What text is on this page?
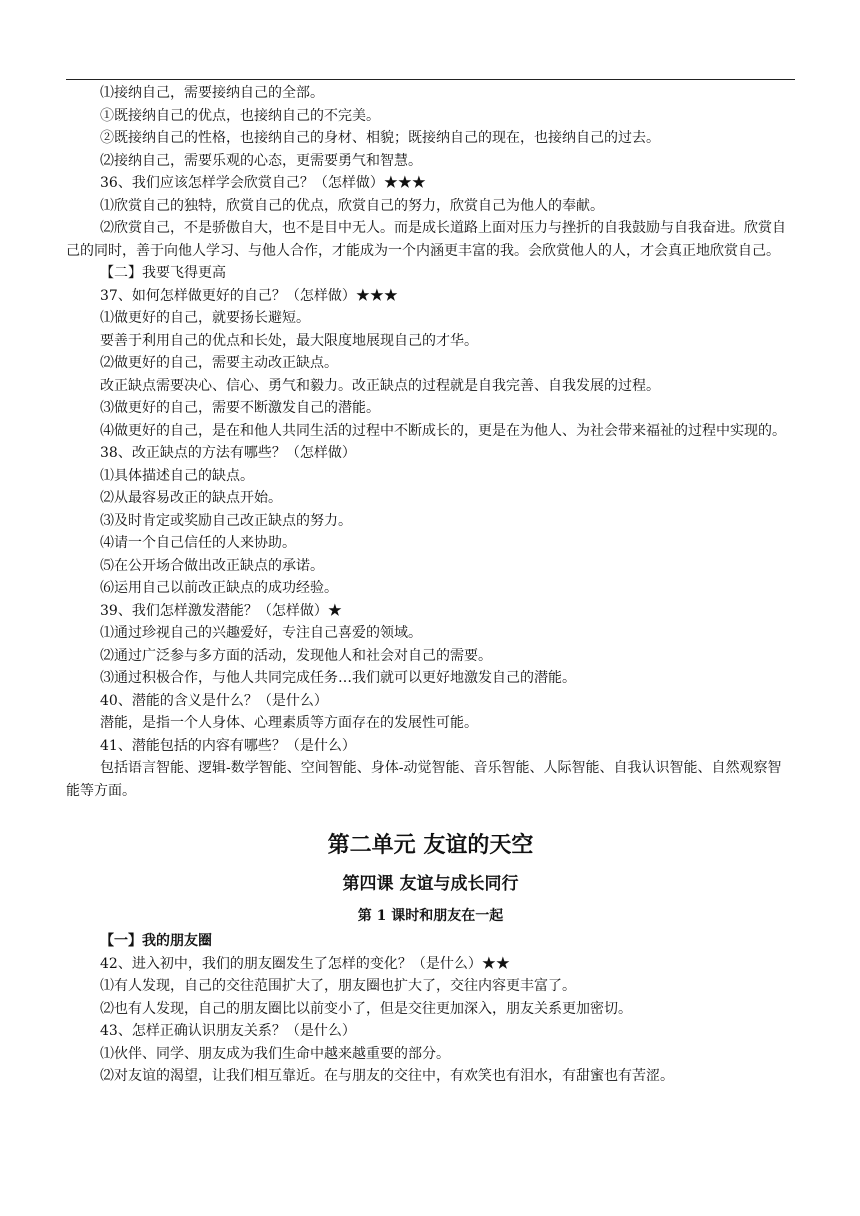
⑴接纳自己，需要接纳自己的全部。
①既接纳自己的优点，也接纳自己的不完美。
②既接纳自己的性格，也接纳自己的身材、相貌；既接纳自己的现在，也接纳自己的过去。
⑵接纳自己，需要乐观的心态，更需要勇气和智慧。
36、我们应该怎样学会欣赏自己？（怎样做）★★★
⑴欣赏自己的独特，欣赏自己的优点，欣赏自己的努力，欣赏自己为他人的奉献。
⑵欣赏自己，不是骄傲自大，也不是目中无人。而是成长道路上面对压力与挫折的自我鼓励与自我奋进。欣赏自己的同时，善于向他人学习、与他人合作，才能成为一个内涵更丰富的我。会欣赏他人的人，才会真正地欣赏自己。
【二】我要飞得更高
37、如何怎样做更好的自己？（怎样做）★★★
⑴做更好的自己，就要扬长避短。
要善于利用自己的优点和长处，最大限度地展现自己的才华。
⑵做更好的自己，需要主动改正缺点。
改正缺点需要决心、信心、勇气和毅力。改正缺点的过程就是自我完善、自我发展的过程。
⑶做更好的自己，需要不断激发自己的潜能。
⑷做更好的自己，是在和他人共同生活的过程中不断成长的，更是在为他人、为社会带来福祉的过程中实现的。
38、改正缺点的方法有哪些？（怎样做）
⑴具体描述自己的缺点。
⑵从最容易改正的缺点开始。
⑶及时肯定或奖励自己改正缺点的努力。
⑷请一个自己信任的人来协助。
⑸在公开场合做出改正缺点的承诺。
⑹运用自己以前改正缺点的成功经验。
39、我们怎样激发潜能？（怎样做）★
⑴通过珍视自己的兴趣爱好，专注自己喜爱的领域。
⑵通过广泛参与多方面的活动，发现他人和社会对自己的需要。
⑶通过积极合作，与他人共同完成任务…我们就可以更好地激发自己的潜能。
40、潜能的含义是什么？（是什么）
潜能，是指一个人身体、心理素质等方面存在的发展性可能。
41、潜能包括的内容有哪些？（是什么）
包括语言智能、逻辑-数学智能、空间智能、身体-动觉智能、音乐智能、人际智能、自我认识智能、自然观察智能等方面。
第二单元 友谊的天空
第四课 友谊与成长同行
第 1 课时和朋友在一起
【一】我的朋友圈
42、进入初中，我们的朋友圈发生了怎样的变化？（是什么）★★
⑴有人发现，自己的交往范围扩大了，朋友圈也扩大了，交往内容更丰富了。
⑵也有人发现，自己的朋友圈比以前变小了，但是交往更加深入，朋友关系更加密切。
43、怎样正确认识朋友关系？（是什么）
⑴伙伴、同学、朋友成为我们生命中越来越重要的部分。
⑵对友谊的渴望，让我们相互靠近。在与朋友的交往中，有欢笑也有泪水，有甜蜜也有苦涩。
